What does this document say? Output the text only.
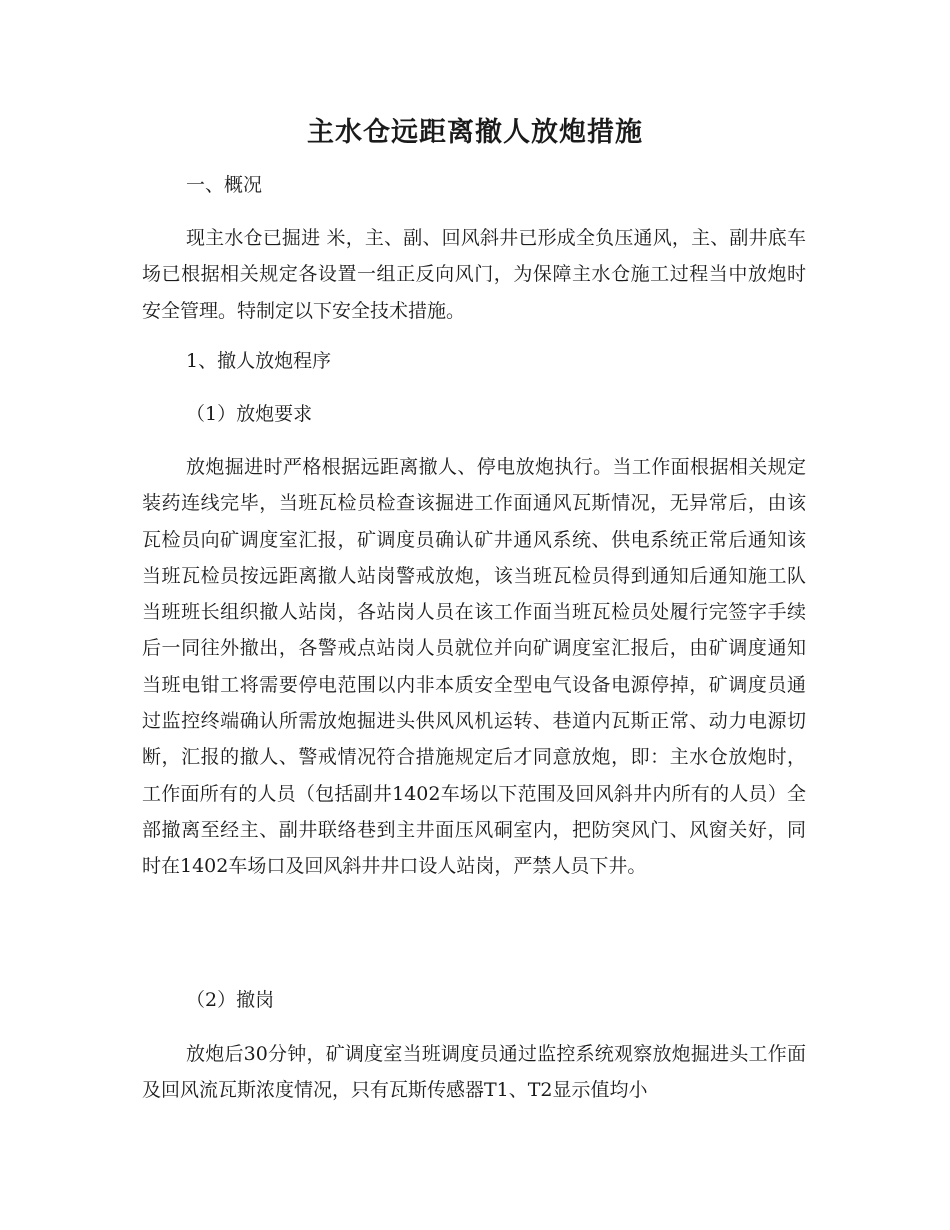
主水仓远距离撤人放炮措施

一、概况

现主水仓已掘进 米，主、副、回风斜井已形成全负压通风，主、副井底车场已根据相关规定各设置一组正反向风门，为保障主水仓施工过程当中放炮时安全管理。特制定以下安全技术措施。

1、撤人放炮程序

（1）放炮要求

放炮掘进时严格根据远距离撤人、停电放炮执行。当工作面根据相关规定装药连线完毕，当班瓦检员检查该掘进工作面通风瓦斯情况，无异常后，由该瓦检员向矿调度室汇报，矿调度员确认矿井通风系统、供电系统正常后通知该当班瓦检员按远距离撤人站岗警戒放炮，该当班瓦检员得到通知后通知施工队当班班长组织撤人站岗，各站岗人员在该工作面当班瓦检员处履行完签字手续后一同往外撤出，各警戒点站岗人员就位并向矿调度室汇报后，由矿调度通知当班电钳工将需要停电范围以内非本质安全型电气设备电源停掉，矿调度员通过监控终端确认所需放炮掘进头供风风机运转、巷道内瓦斯正常、动力电源切断，汇报的撤人、警戒情况符合措施规定后才同意放炮，即：主水仓放炮时，工作面所有的人员（包括副井1402车场以下范围及回风斜井内所有的人员）全部撤离至经主、副井联络巷到主井面压风硐室内，把防突风门、风窗关好，同时在1402车场口及回风斜井井口设人站岗，严禁人员下井。

（2）撤岗

放炮后30分钟，矿调度室当班调度员通过监控系统观察放炮掘进头工作面及回风流瓦斯浓度情况，只有瓦斯传感器T1、T2显示值均小
